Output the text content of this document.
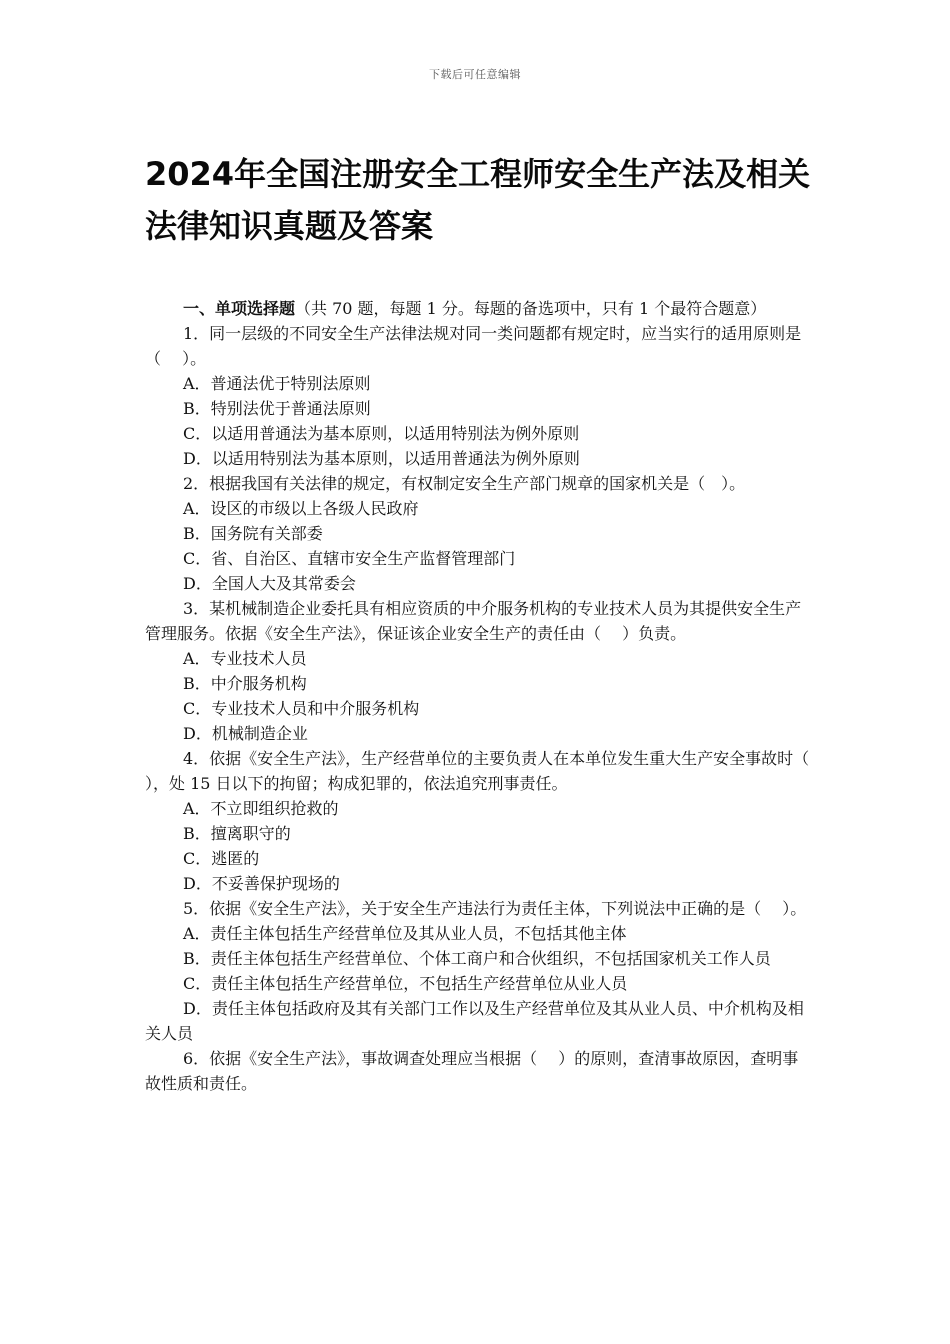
下载后可任意编辑
2024年全国注册安全工程师安全生产法及相关法律知识真题及答案

一、单项选择题（共 70 题，每题 1 分。每题的备选项中，只有 1 个最符合题意）

1．同一层级的不同安全生产法律法规对同一类问题都有规定时，应当实行的适用原则是（　 ）。

A．普通法优于特别法原则

B．特别法优于普通法原则

C．以适用普通法为基本原则，以适用特别法为例外原则

D．以适用特别法为基本原则，以适用普通法为例外原则

2．根据我国有关法律的规定，有权制定安全生产部门规章的国家机关是（　）。

A．设区的市级以上各级人民政府

B．国务院有关部委

C．省、自治区、直辖市安全生产监督管理部门

D．全国人大及其常委会

3．某机械制造企业委托具有相应资质的中介服务机构的专业技术人员为其提供安全生产管理服务。依据《安全生产法》，保证该企业安全生产的责任由（　 ）负责。

A．专业技术人员

B．中介服务机构

C．专业技术人员和中介服务机构

D．机械制造企业

4．依据《安全生产法》，生产经营单位的主要负责人在本单位发生重大生产安全事故时（　 ），处 15 日以下的拘留；构成犯罪的，依法追究刑事责任。

A．不立即组织抢救的

B．擅离职守的

C．逃匿的

D．不妥善保护现场的

5．依据《安全生产法》，关于安全生产违法行为责任主体，下列说法中正确的是（　 ）。

A．责任主体包括生产经营单位及其从业人员，不包括其他主体

B．责任主体包括生产经营单位、个体工商户和合伙组织，不包括国家机关工作人员

C．责任主体包括生产经营单位，不包括生产经营单位从业人员

D．责任主体包括政府及其有关部门工作以及生产经营单位及其从业人员、中介机构及相关人员

6．依据《安全生产法》，事故调查处理应当根据（　 ）的原则，查清事故原因，查明事故性质和责任。
